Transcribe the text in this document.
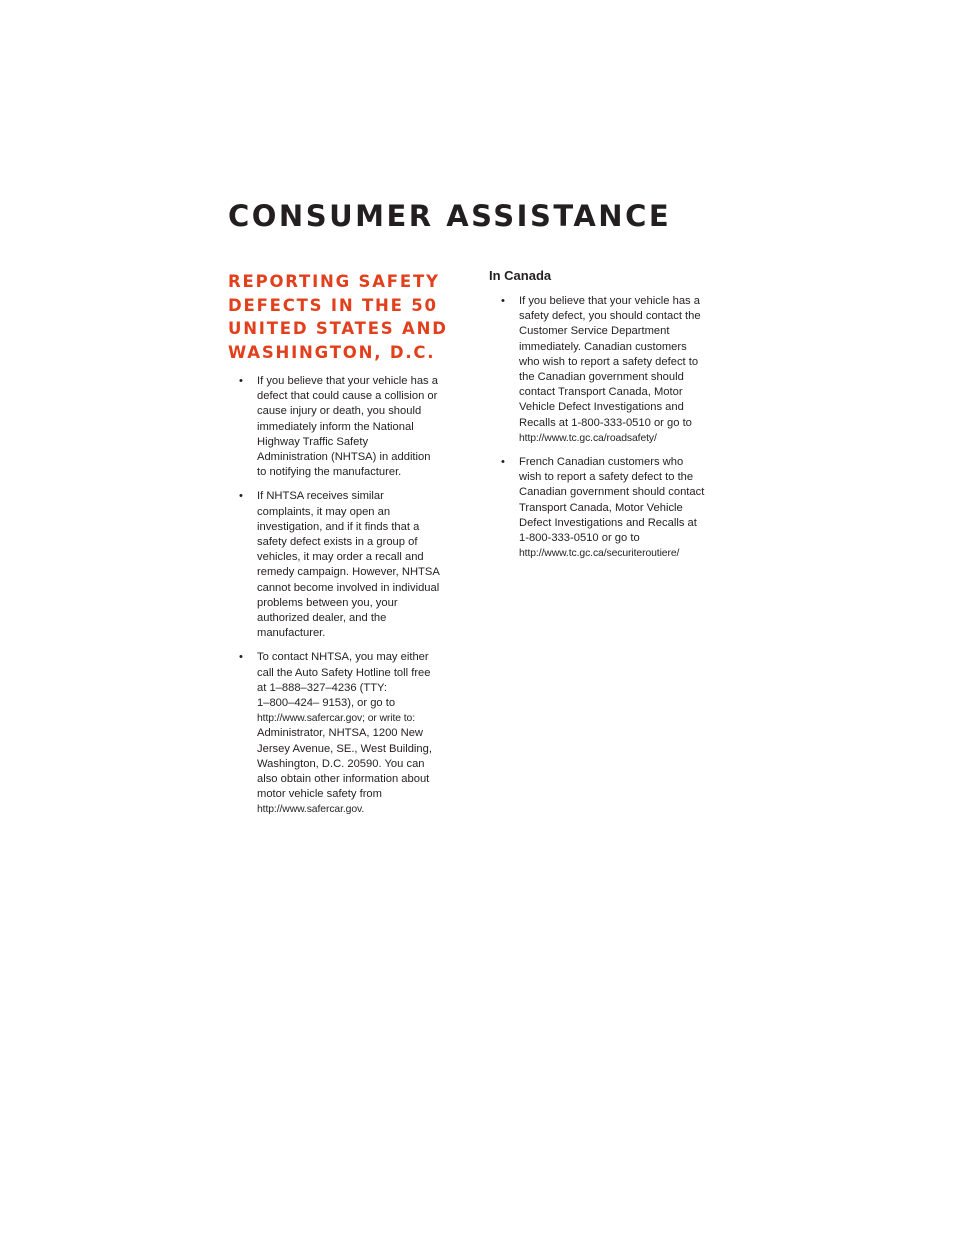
CONSUMER ASSISTANCE
REPORTING SAFETY
DEFECTS IN THE 50
UNITED STATES AND
WASHINGTON, D.C.
• If you believe that your vehicle has a
defect that could cause a collision or
cause injury or death, you should
immediately inform the National
Highway Traffic Safety
Administration (NHTSA) in addition
to notifying the manufacturer.
• If NHTSA receives similar
complaints, it may open an
investigation, and if it finds that a
safety defect exists in a group of
vehicles, it may order a recall and
remedy campaign. However, NHTSA
cannot become involved in individual
problems between you, your
authorized dealer, and the
manufacturer.
• To contact NHTSA, you may either
call the Auto Safety Hotline toll free
at 1–888–327–4236 (TTY:
1–800–424– 9153), or go to
http://www.safercar.gov; or write to:
Administrator, NHTSA, 1200 New
Jersey Avenue, SE., West Building,
Washington, D.C. 20590. You can
also obtain other information about
motor vehicle safety from
http://www.safercar.gov.
In Canada
• If you believe that your vehicle has a
safety defect, you should contact the
Customer Service Department
immediately. Canadian customers
who wish to report a safety defect to
the Canadian government should
contact Transport Canada, Motor
Vehicle Defect Investigations and
Recalls at 1-800-333-0510 or go to
http://www.tc.gc.ca/roadsafety/
• French Canadian customers who
wish to report a safety defect to the
Canadian government should contact
Transport Canada, Motor Vehicle
Defect Investigations and Recalls at
1-800-333-0510 or go to
http://www.tc.gc.ca/securiteroutiere/
